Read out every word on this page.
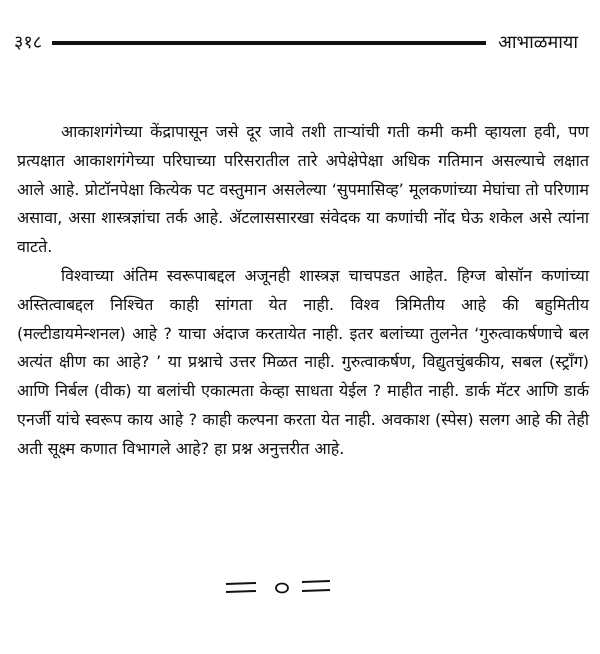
३१८	आभाळमाया

आकाशगंगेच्या केंद्रापासून जसे दूर जावे तशी ताऱ्यांची गती कमी कमी व्हायला हवी, पण प्रत्यक्षात आकाशगंगेच्या परिघाच्या परिसरातील तारे अपेक्षेपेक्षा अधिक गतिमान असल्याचे लक्षात आले आहे. प्रोटॉनपेक्षा कित्येक पट वस्तुमान असलेल्या ‘सुपमासिव्ह’ मूलकणांच्या मेघांचा तो परिणाम असावा, असा शास्त्रज्ञांचा तर्क आहे. ॲटलाससारखा संवेदक या कणांची नोंद घेऊ शकेल असे त्यांना वाटते.

विश्वाच्या अंतिम स्वरूपाबद्दल अजूनही शास्त्रज्ञ चाचपडत आहेत. हिग्ज बोसॉन कणांच्या अस्तित्वाबद्दल निश्चित काही सांगता येत नाही. विश्व त्रिमितीय आहे की बहुमितीय (मल्टीडायमेन्शनल) आहे ? याचा अंदाज करतायेत नाही. इतर बलांच्या तुलनेत ‘गुरुत्वाकर्षणाचे बल अत्यंत क्षीण का आहे? ’ या प्रश्नाचे उत्तर मिळत नाही. गुरुत्वाकर्षण, विद्युतचुंबकीय, सबल (स्ट्रॉंग) आणि निर्बल (वीक) या बलांची एकात्मता केव्हा साधता येईल ? माहीत नाही. डार्क मॅटर आणि डार्क एनर्जी यांचे स्वरूप काय आहे ? काही कल्पना करता येत नाही. अवकाश (स्पेस) सलग आहे की तेही अती सूक्ष्म कणात विभागले आहे? हा प्रश्न अनुत्तरीत आहे.
